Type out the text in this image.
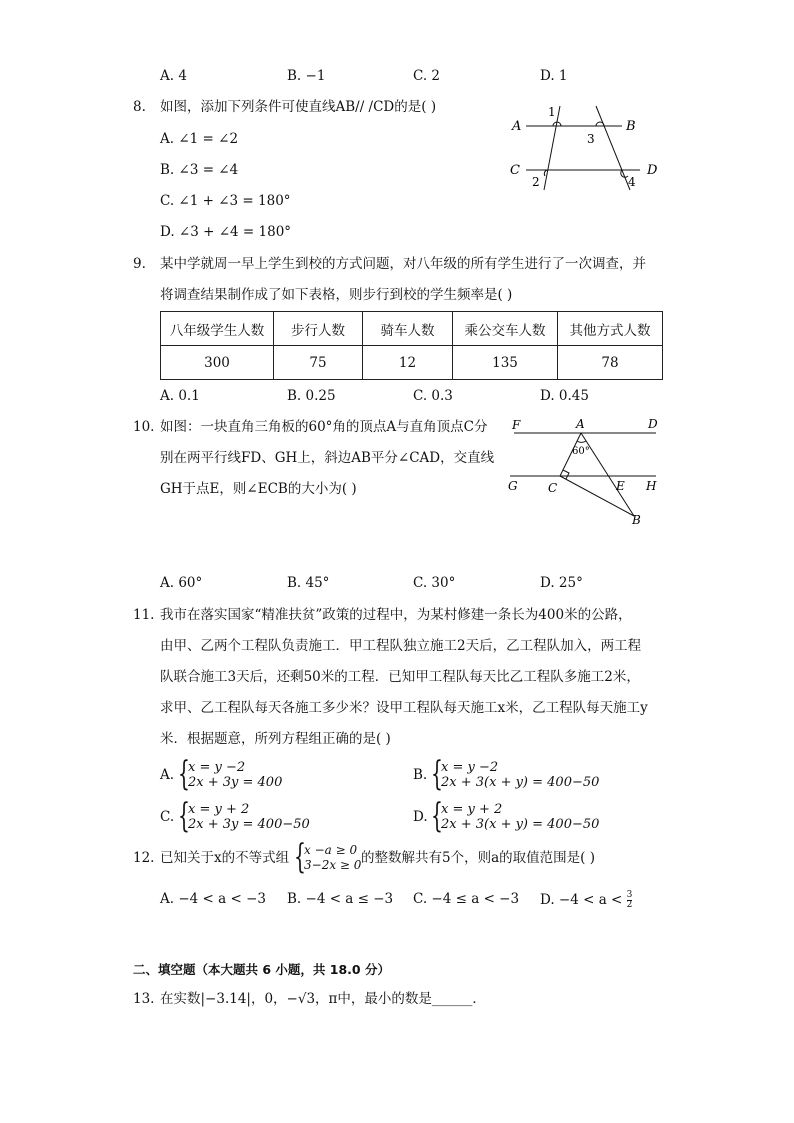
A. 4	B. −1	C. 2	D. 1
8. 如图，添加下列条件可使直线AB// /CD的是( )
A. ∠1 = ∠2
B. ∠3 = ∠4
C. ∠1 + ∠3 = 180°
D. ∠3 + ∠4 = 180°
A	B
C	D
1
3
2	4
9. 某中学就周一早上学生到校的方式问题，对八年级的所有学生进行了一次调查，并
将调查结果制作成了如下表格，则步行到校的学生频率是( )
八年级学生人数	步行人数	骑车人数	乘公交车人数	其他方式人数
300	75	12	135	78
A. 0.1	B. 0.25	C. 0.3	D. 0.45
10. 如图：一块直角三角板的60°角的顶点A与直角顶点C分
别在两平行线FD、GH上，斜边AB平分∠CAD，交直线
GH于点E，则∠ECB的大小为( )
F	A	D
G	C	E H
B
60°
A. 60°	B. 45°	C. 30°	D. 25°
11. 我市在落实国家“精准扶贫”政策的过程中，为某村修建一条长为400米的公路，
由甲、乙两个工程队负责施工．甲工程队独立施工2天后，乙工程队加入，两工程
队联合施工3天后，还剩50米的工程．已知甲工程队每天比乙工程队多施工2米，
求甲、乙工程队每天各施工多少米？设甲工程队每天施工x米，乙工程队每天施工y
米．根据题意，所列方程组正确的是( )
A. {
x = y −2
2x + 3y = 400	B. {
x = y −2
2x + 3(x + y) = 400−50
C. {
x = y + 2
2x + 3y = 400−50	D. {
x = y + 2
2x + 3(x + y) = 400−50
12. 已知关于x的不等式组 {
x −a ≥ 0
3−2x ≥ 0 的整数解共有5个，则a的取值范围是( )
A. −4 < a < −3 B. −4 < a ≤ −3 C. −4 ≤ a < −3 D. $-4 < a < \frac{3}{2}$
二、填空题（本大题共 6 小题，共 18.0 分）
13. 在实数|−3.14|，0，−√3，π中，最小的数是______．
